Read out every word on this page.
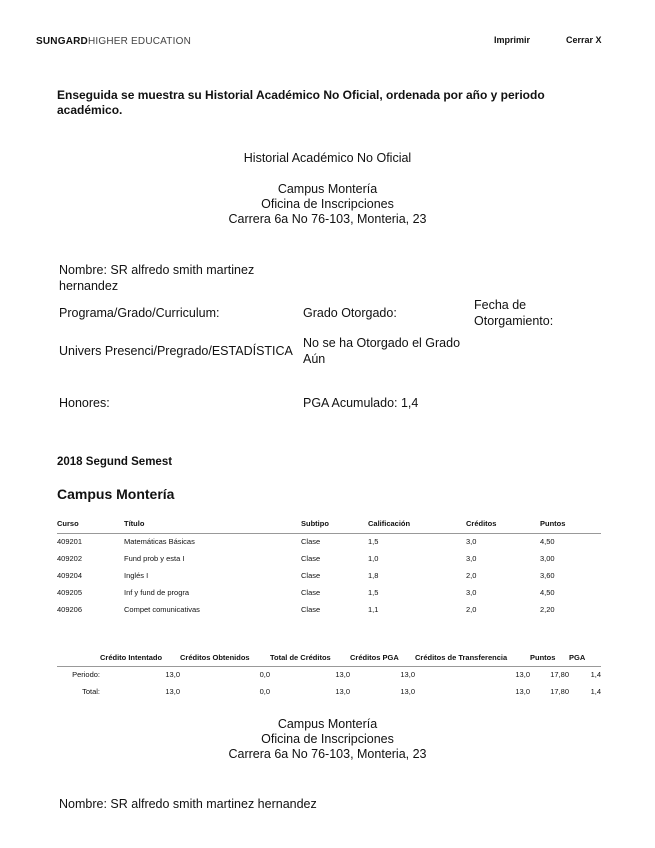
SUNGARDHIGHER EDUCATION	Imprimir	Cerrar X
Enseguida se muestra su Historial Académico No Oficial, ordenada por año y periodo académico.
Historial Académico No Oficial
Campus Montería
Oficina de Inscripciones
Carrera 6a No 76-103, Monteria, 23
Nombre: SR alfredo smith martinez hernandez
Programa/Grado/Curriculum:	Grado Otorgado:
Fecha de Otorgamiento:
Univers Presenci/Pregrado/ESTADÍSTICA
No se ha Otorgado el Grado Aún
Honores:	PGA Acumulado: 1,4
2018 Segund Semest
Campus Montería
Curso	Título	Subtipo	Calificación	Créditos	Puntos
409201	Matemáticas Básicas	Clase	1,5	3,0	4,50
409202	Fund prob y esta I	Clase	1,0	3,0	3,00
409204	Inglés I	Clase	1,8	2,0	3,60
409205	Inf y fund de progra	Clase	1,5	3,0	4,50
409206	Compet comunicativas	Clase	1,1	2,0	2,20
	Crédito Intentado	Créditos Obtenidos	Total de Créditos	Créditos PGA	Créditos de Transferencia	Puntos	PGA
Periodo:	13,0	0,0	13,0	13,0	13,0	17,80	1,4
Total:	13,0	0,0	13,0	13,0	13,0	17,80	1,4
Campus Montería
Oficina de Inscripciones
Carrera 6a No 76-103, Monteria, 23
Nombre: SR alfredo smith martinez hernandez
